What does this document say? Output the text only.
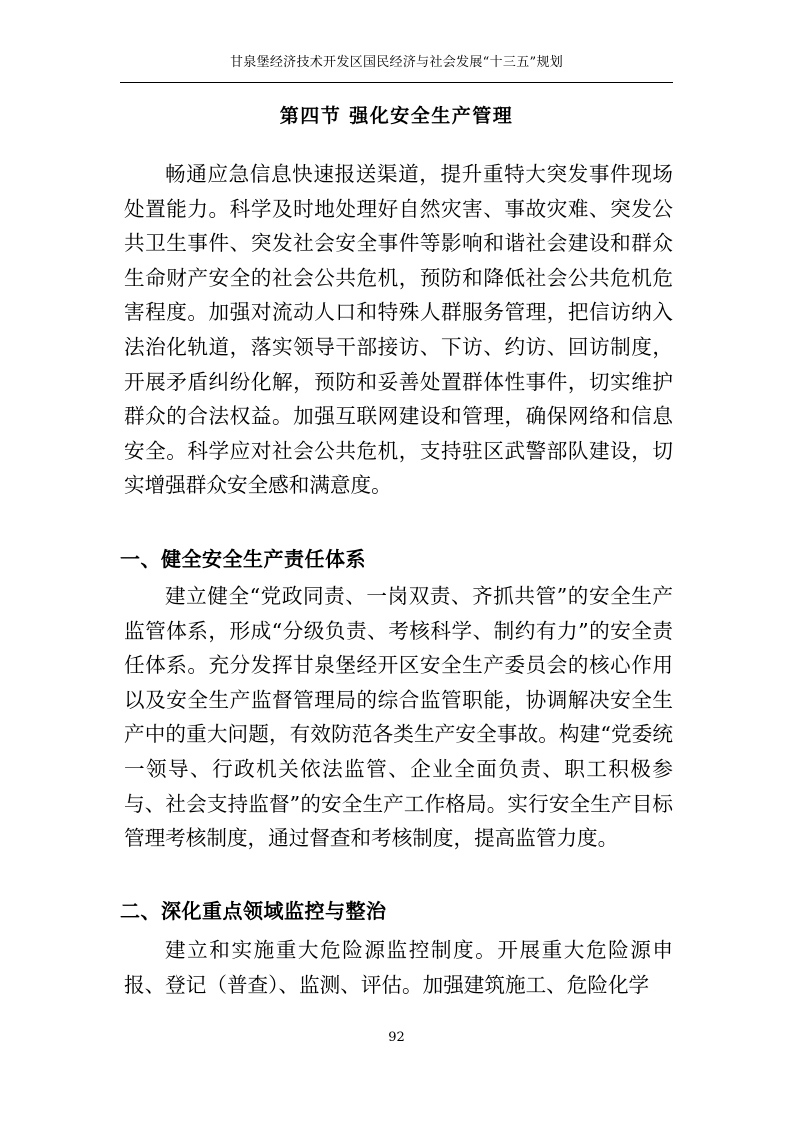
甘泉堡经济技术开发区国民经济与社会发展“十三五”规划
第四节 强化安全生产管理

畅通应急信息快速报送渠道，提升重特大突发事件现场处置能力。科学及时地处理好自然灾害、事故灾难、突发公共卫生事件、突发社会安全事件等影响和谐社会建设和群众生命财产安全的社会公共危机，预防和降低社会公共危机危害程度。加强对流动人口和特殊人群服务管理，把信访纳入法治化轨道，落实领导干部接访、下访、约访、回访制度，开展矛盾纠纷化解，预防和妥善处置群体性事件，切实维护群众的合法权益。加强互联网建设和管理，确保网络和信息安全。科学应对社会公共危机，支持驻区武警部队建设，切实增强群众安全感和满意度。

一、健全安全生产责任体系

建立健全“党政同责、一岗双责、齐抓共管”的安全生产监管体系，形成“分级负责、考核科学、制约有力”的安全责任体系。充分发挥甘泉堡经开区安全生产委员会的核心作用以及安全生产监督管理局的综合监管职能，协调解决安全生产中的重大问题，有效防范各类生产安全事故。构建“党委统一领导、行政机关依法监管、企业全面负责、职工积极参与、社会支持监督”的安全生产工作格局。实行安全生产目标管理考核制度，通过督查和考核制度，提高监管力度。

二、深化重点领域监控与整治

建立和实施重大危险源监控制度。开展重大危险源申报、登记（普查）、监测、评估。加强建筑施工、危险化学

92
